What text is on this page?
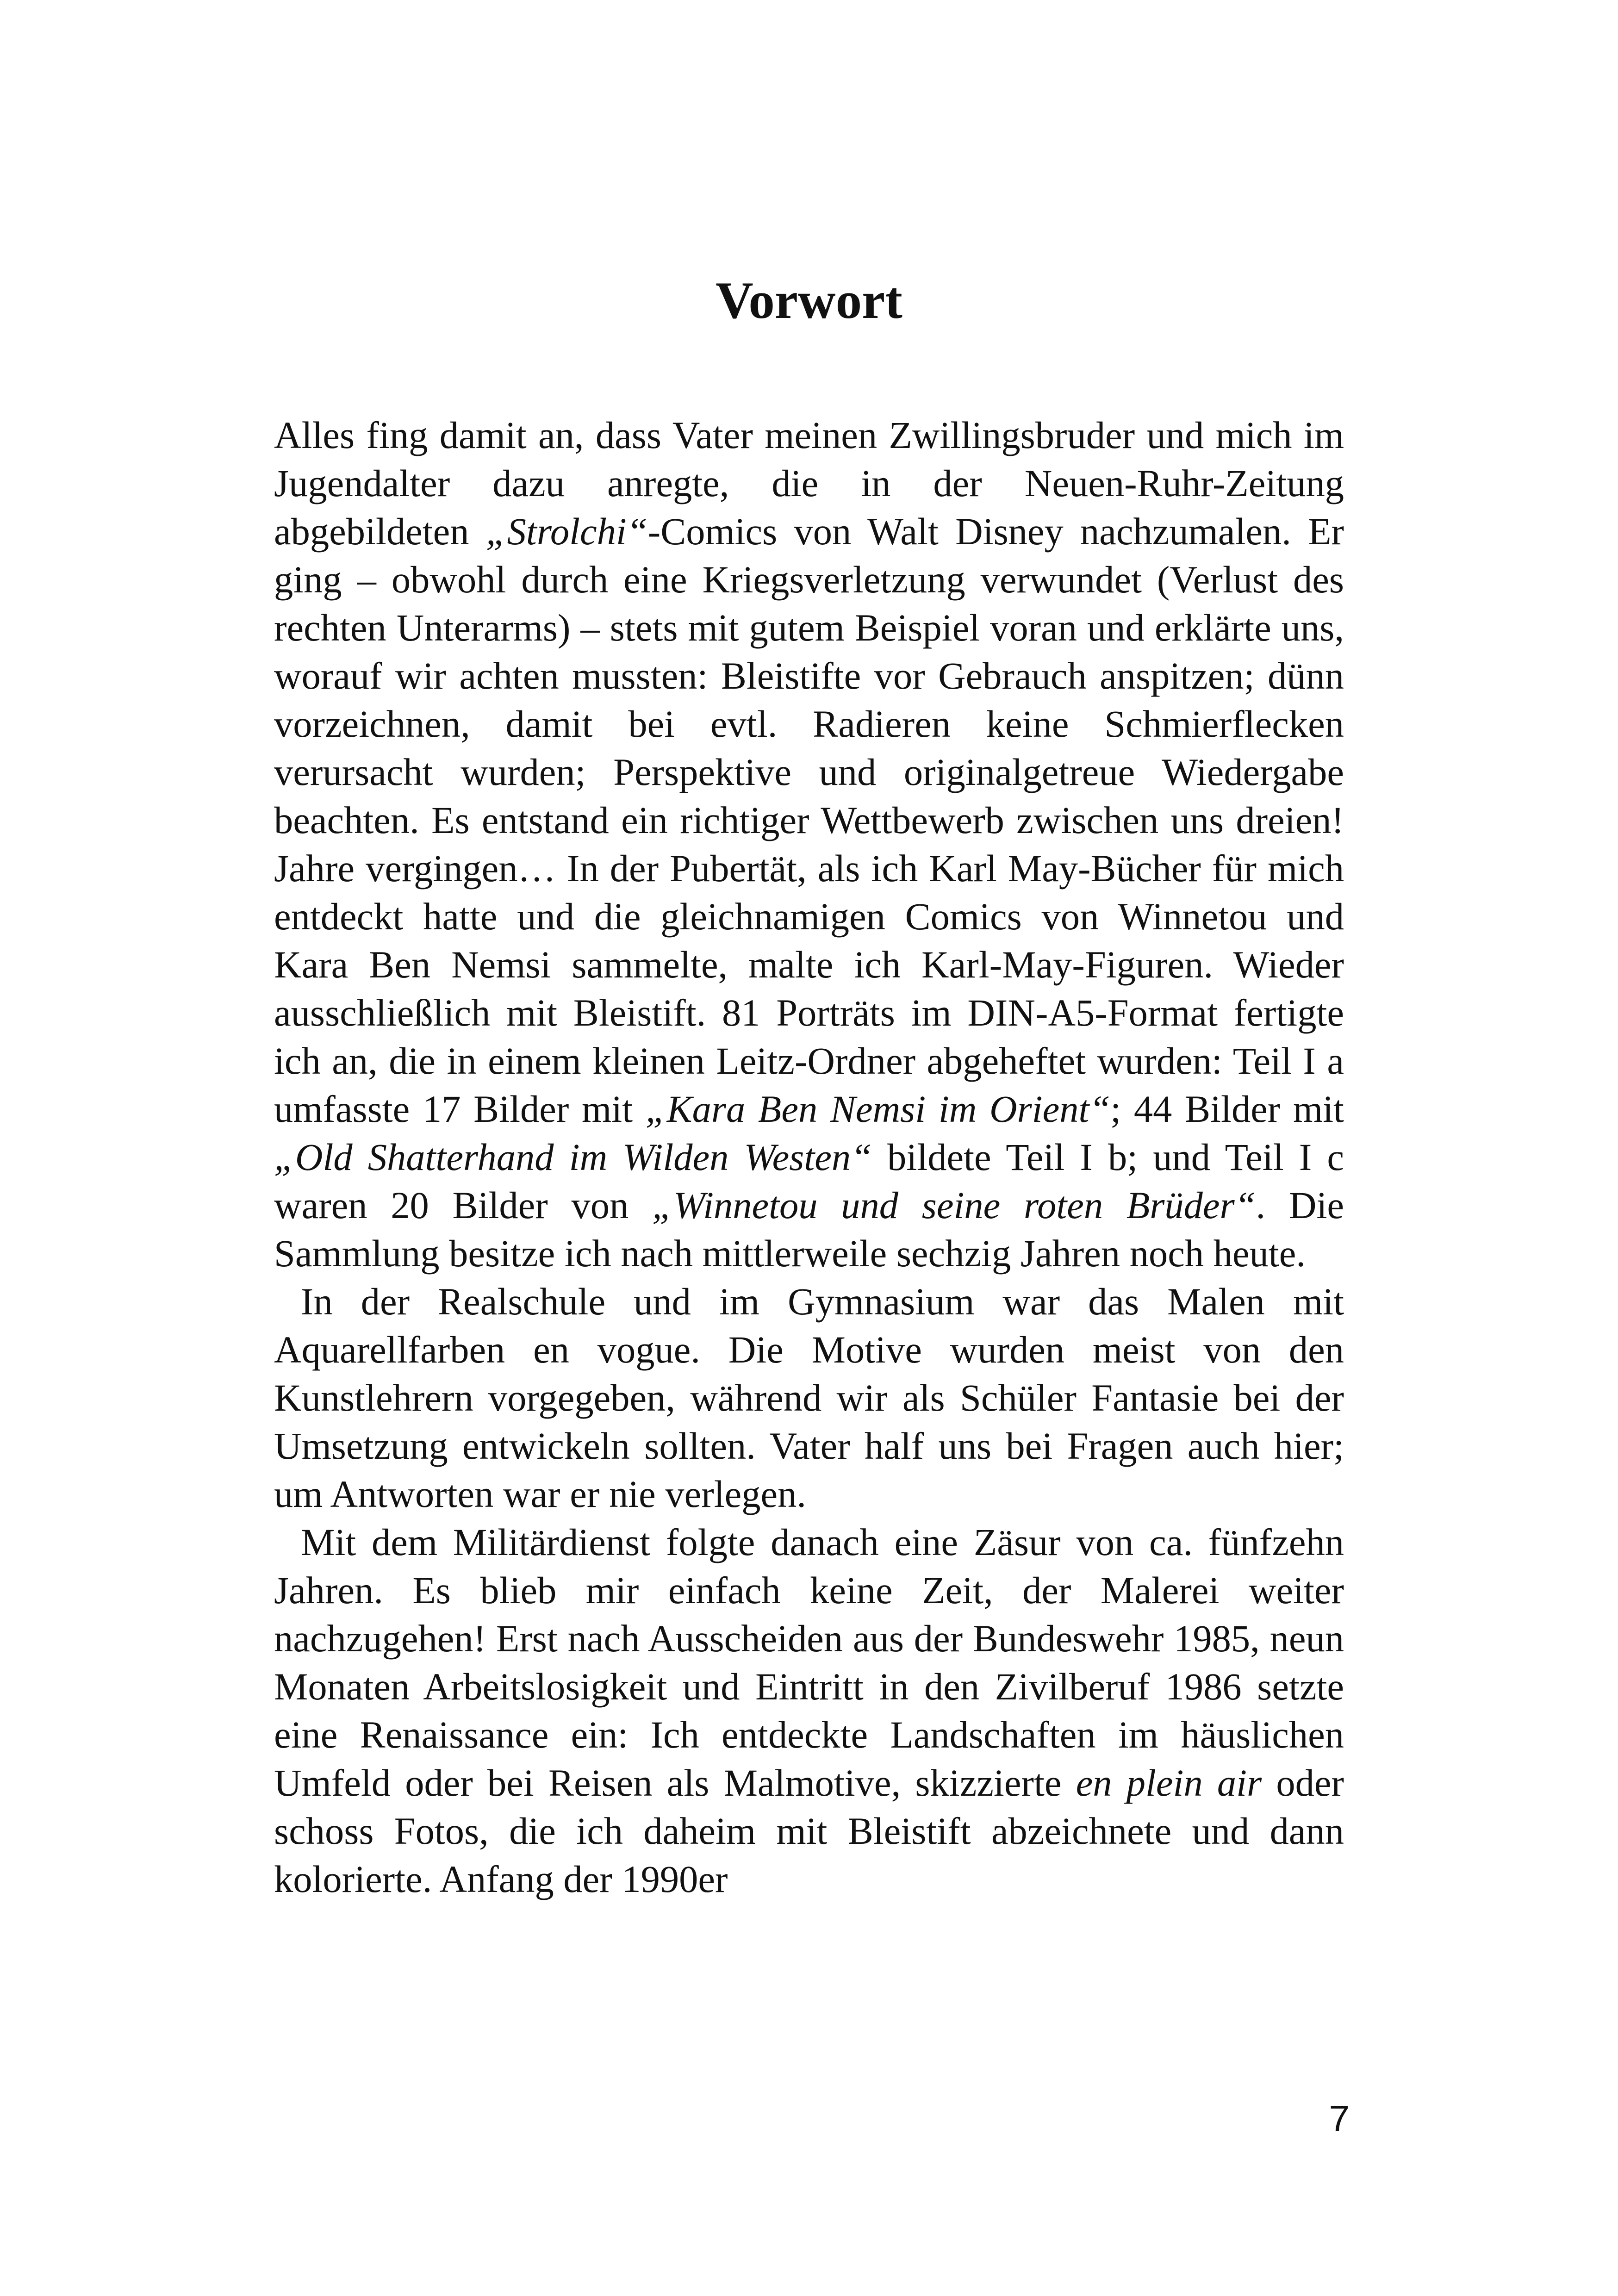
Vorwort

Alles fing damit an, dass Vater meinen Zwillingsbruder und mich im Jugendalter dazu anregte, die in der Neuen-Ruhr-Zeitung abgebildeten „Strolchi“-Comics von Walt Disney nachzumalen. Er ging – obwohl durch eine Kriegsverletzung verwundet (Verlust des rechten Unterarms) – stets mit gutem Beispiel voran und erklärte uns, worauf wir achten mussten: Bleistifte vor Gebrauch anspitzen; dünn vorzeichnen, damit bei evtl. Radieren keine Schmierflecken verursacht wurden; Perspektive und originalgetreue Wiedergabe beachten. Es entstand ein richtiger Wettbewerb zwischen uns dreien! Jahre vergingen… In der Pubertät, als ich Karl May-Bücher für mich entdeckt hatte und die gleichnamigen Comics von Winnetou und Kara Ben Nemsi sammelte, malte ich Karl-May-Figuren. Wieder ausschließlich mit Bleistift. 81 Porträts im DIN-A5-Format fertigte ich an, die in einem kleinen Leitz-Ordner abgeheftet wurden: Teil I a umfasste 17 Bilder mit „Kara Ben Nemsi im Orient“; 44 Bilder mit „Old Shatterhand im Wilden Westen“ bildete Teil I b; und Teil I c waren 20 Bilder von „Winnetou und seine roten Brüder“. Die Sammlung besitze ich nach mittlerweile sechzig Jahren noch heute.

In der Realschule und im Gymnasium war das Malen mit Aquarellfarben en vogue. Die Motive wurden meist von den Kunstlehrern vorgegeben, während wir als Schüler Fantasie bei der Umsetzung entwickeln sollten. Vater half uns bei Fragen auch hier; um Antworten war er nie verlegen.

Mit dem Militärdienst folgte danach eine Zäsur von ca. fünfzehn Jahren. Es blieb mir einfach keine Zeit, der Malerei weiter nachzugehen! Erst nach Ausscheiden aus der Bundeswehr 1985, neun Monaten Arbeitslosigkeit und Eintritt in den Zivilberuf 1986 setzte eine Renaissance ein: Ich entdeckte Landschaften im häuslichen Umfeld oder bei Reisen als Malmotive, skizzierte en plein air oder schoss Fotos, die ich daheim mit Bleistift abzeichnete und dann kolorierte. Anfang der 1990er

7
